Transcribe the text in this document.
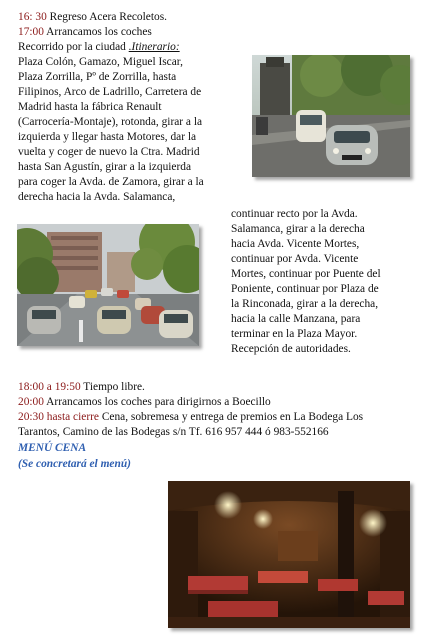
16: 30 Regreso Acera Recoletos.
17:00 Arrancamos los coches
Recorrido por la ciudad .Itinerario:
Plaza Colón, Gamazo, Miguel Iscar,
Plaza Zorrilla, Pº de Zorrilla, hasta
Filipinos, Arco de Ladrillo, Carretera de
Madrid hasta la fábrica Renault
(Carrocería-Montaje), rotonda, girar a la
izquierda y llegar hasta Motores, dar la
vuelta y coger de nuevo la Ctra. Madrid
hasta San Agustín, girar a la izquierda
para coger la Avda. de Zamora, girar a la
derecha hacia la Avda. Salamanca,
continuar recto por la Avda.
Salamanca, girar a la derecha
hacia Avda. Vicente Mortes,
continuar por Avda. Vicente
Mortes, continuar por Puente del
Poniente, continuar por Plaza de
la Rinconada, girar a la derecha,
hacia la calle Manzana, para
terminar en la Plaza Mayor.
Recepción de autoridades.
18:00 a 19:50 Tiempo libre.
20:00 Arrancamos los coches para dirigirnos a Boecillo
20:30 hasta cierre Cena, sobremesa y entrega de premios en La Bodega Los
Tarantos, Camino de las Bodegas s/n Tf. 616 957 444 ó 983-552166
MENÚ CENA
(Se concretará el menú)
